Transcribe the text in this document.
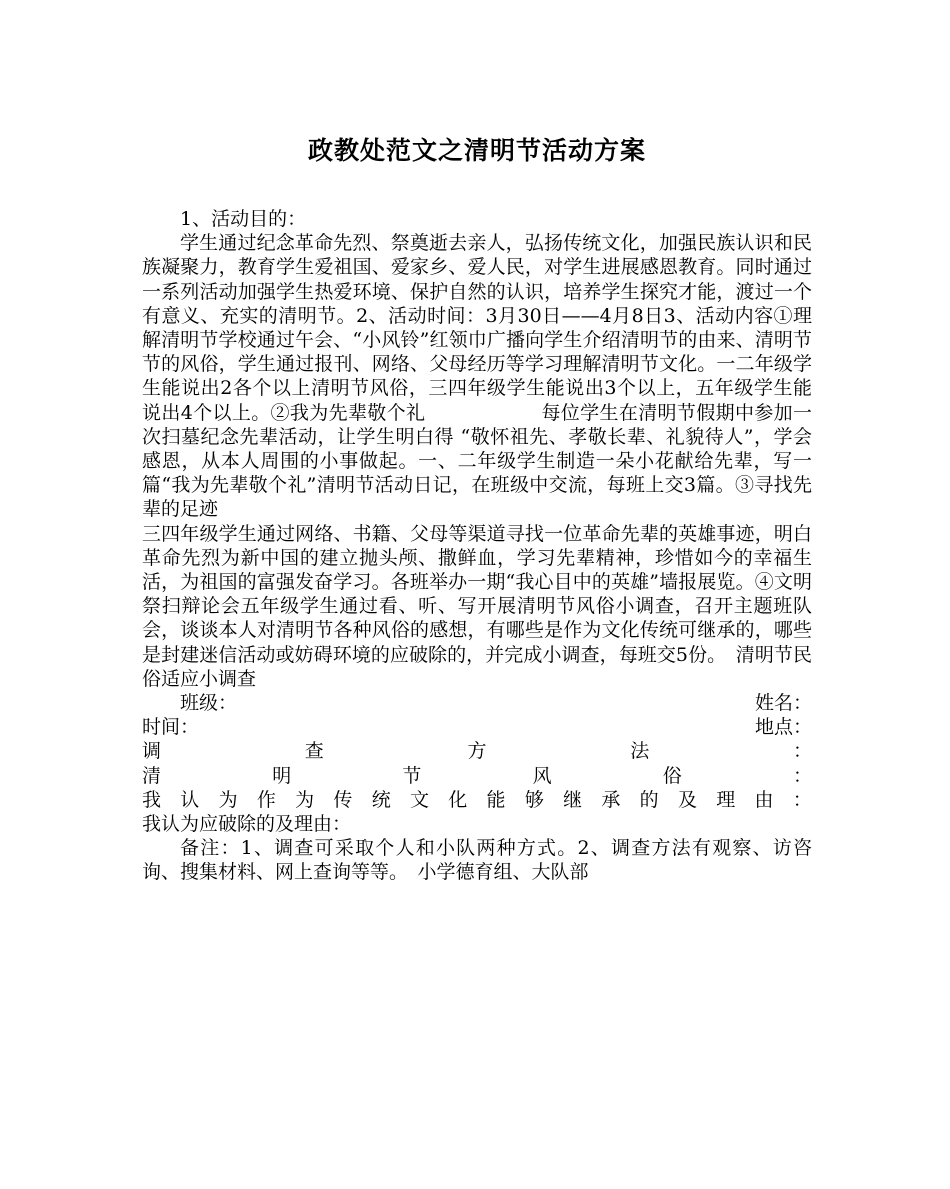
政教处范文之清明节活动方案

1、活动目的：

学生通过纪念革命先烈、祭奠逝去亲人，弘扬传统文化，加强民族认识和民族凝聚力，教育学生爱祖国、爱家乡、爱人民，对学生进展感恩教育。同时通过一系列活动加强学生热爱环境、保护自然的认识，培养学生探究才能，渡过一个有意义、充实的清明节。2、活动时间：3月30日——4月8日3、活动内容①理解清明节学校通过午会、“小风铃”红领巾广播向学生介绍清明节的由来、清明节节的风俗，学生通过报刊、网络、父母经历等学习理解清明节文化。一二年级学生能说出2各个以上清明节风俗，三四年级学生能说出3个以上，五年级学生能说出4个以上。②我为先辈敬个礼　　　　　　每位学生在清明节假期中参加一次扫墓纪念先辈活动，让学生明白得 “敬怀祖先、孝敬长辈、礼貌待人”，学会感恩，从本人周围的小事做起。一、二年级学生制造一朵小花献给先辈，写一篇“我为先辈敬个礼”清明节活动日记，在班级中交流，每班上交3篇。③寻找先辈的足迹

三四年级学生通过网络、书籍、父母等渠道寻找一位革命先辈的英雄事迹，明白革命先烈为新中国的建立抛头颅、撒鲜血，学习先辈精神，珍惜如今的幸福生活，为祖国的富强发奋学习。各班举办一期“我心目中的英雄”墙报展览。④文明祭扫辩论会五年级学生通过看、听、写开展清明节风俗小调查，召开主题班队会，谈谈本人对清明节各种风俗的感想，有哪些是作为文化传统可继承的，哪些是封建迷信活动或妨碍环境的应破除的，并完成小调查，每班交5份。　清明节民俗适应小调查

班级：	姓名：
时间：	地点：
调	查	方	法	：
清	明	节	风	俗	：
我 认 为 作 为 传 统 文 化 能 够 继 承 的 及 理 由 ：

我认为应破除的及理由：

备注：1、调查可采取个人和小队两种方式。2、调查方法有观察、访咨询、搜集材料、网上查询等等。　小学德育组、大队部
